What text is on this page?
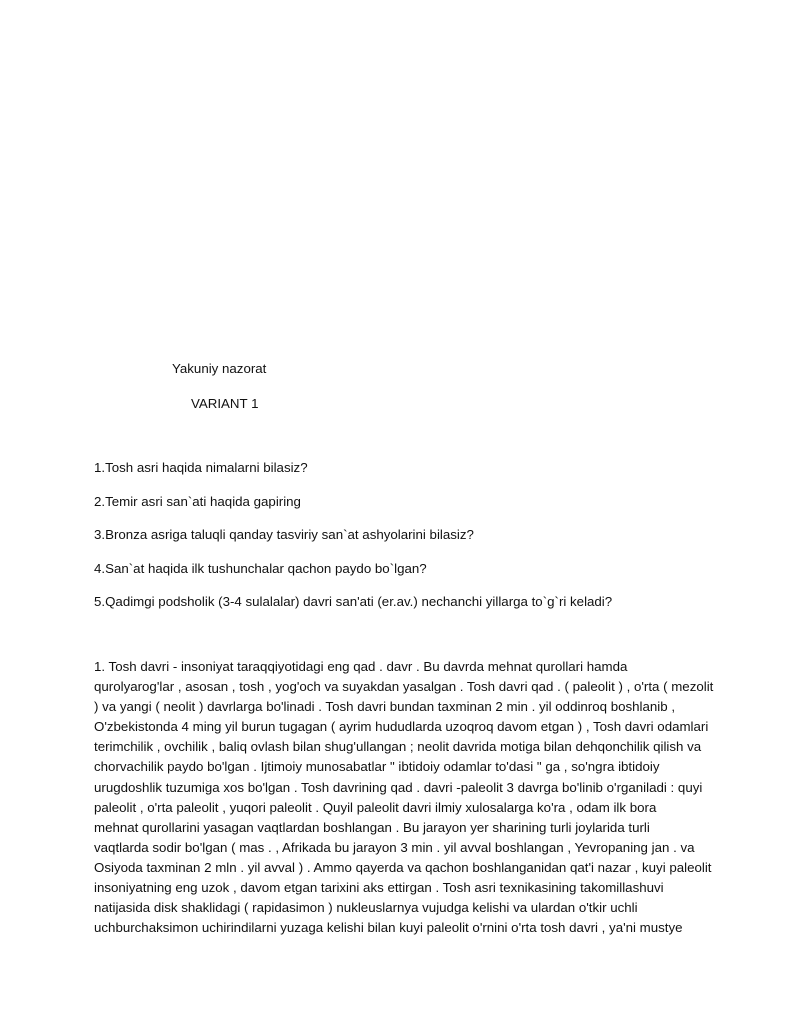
Yakuniy nazorat
VARIANT 1
1.Tosh asri haqida nimalarni bilasiz?
2.Temir asri san`ati haqida gapiring
3.Bronza asriga taluqli qanday tasviriy san`at ashyolarini bilasiz?
4.San`at haqida ilk tushunchalar qachon paydo bo`lgan?
5.Qadimgi podsholik (3-4 sulalalar) davri san'ati (er.av.) nechanchi yillarga to`g`ri keladi?

1. Tosh davri - insoniyat taraqqiyotidagi eng qad . davr . Bu davrda mehnat qurollari hamda
qurolyarog'lar , asosan , tosh , yog'och va suyakdan yasalgan . Tosh davri qad . ( paleolit ) , o'rta ( mezolit
) va yangi ( neolit ) davrlarga bo'linadi . Tosh davri bundan taxminan 2 min . yil oddinroq boshlanib ,
O'zbekistonda 4 ming yil burun tugagan ( ayrim hududlarda uzoqroq davom etgan ) , Tosh davri odamlari
terimchilik , ovchilik , baliq ovlash bilan shug'ullangan ; neolit davrida motiga bilan dehqonchilik qilish va
chorvachilik paydo bo'lgan . Ijtimoiy munosabatlar " ibtidoiy odamlar to'dasi " ga , so'ngra ibtidoiy
urugdoshlik tuzumiga xos bo'lgan . Tosh davrining qad . davri -paleolit 3 davrga bo'linib o'rganiladi : quyi
paleolit , o'rta paleolit , yuqori paleolit . Quyil paleolit davri ilmiy xulosalarga ko'ra , odam ilk bora
mehnat qurollarini yasagan vaqtlardan boshlangan . Bu jarayon yer sharining turli joylarida turli
vaqtlarda sodir bo'lgan ( mas . , Afrikada bu jarayon 3 min . yil avval boshlangan , Yevropaning jan . va
Osiyoda taxminan 2 mln . yil avval ) . Ammo qayerda va qachon boshlanganidan qat'i nazar , kuyi paleolit
insoniyatning eng uzok , davom etgan tarixini aks ettirgan . Tosh asri texnikasining takomillashuvi
natijasida disk shaklidagi ( rapidasimon ) nukleuslarnya vujudga kelishi va ulardan o'tkir uchli
uchburchaksimon uchirindilarni yuzaga kelishi bilan kuyi paleolit o'rnini o'rta tosh davri , ya'ni mustye
